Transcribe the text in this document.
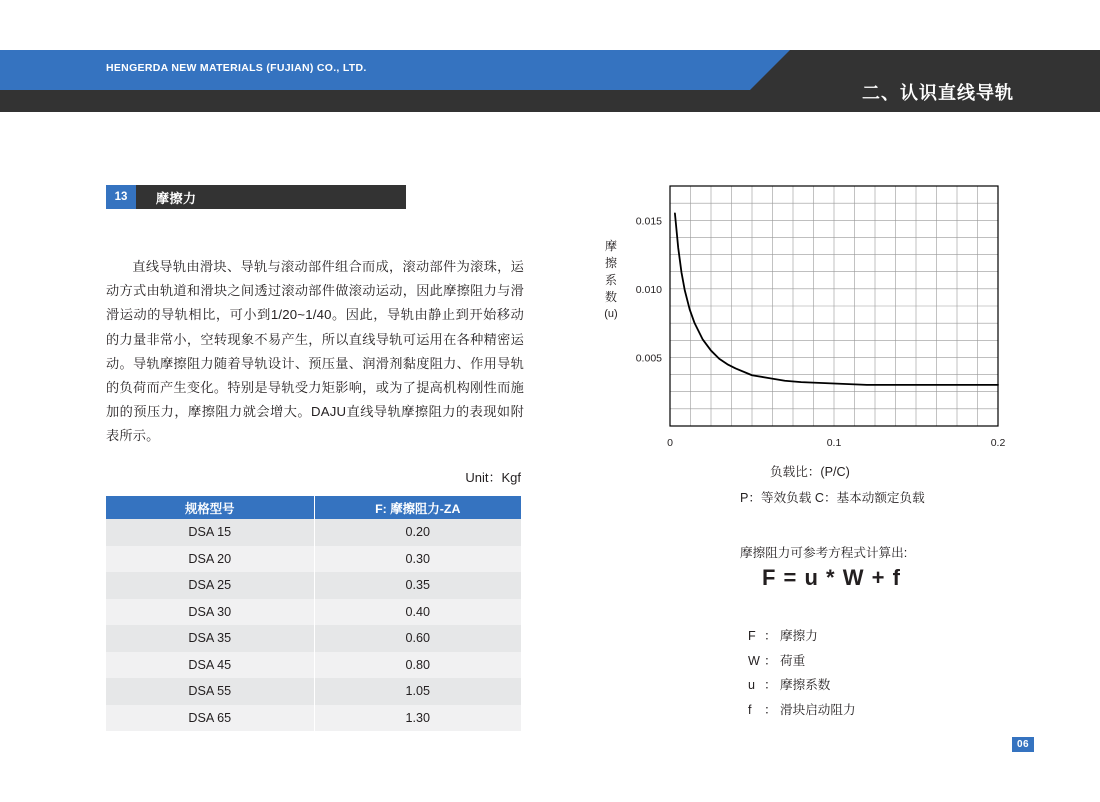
HENGERDA NEW MATERIALS (FUJIAN) CO., LTD.
二、认识直线导轨
13	摩擦力
直线导轨由滑块、导轨与滚动部件组合而成，滚动部件为滚珠，运动方式由轨道和滑块之间透过滚动部件做滚动运动，因此摩擦阻力与滑滑运动的导轨相比，可小到1/20~1/40。因此，导轨由静止到开始移动的力量非常小，空转现象不易产生，所以直线导轨可运用在各种精密运动。导轨摩擦阻力随着导轨设计、预压量、润滑剂黏度阻力、作用导轨的负荷而产生变化。特别是导轨受力矩影响，或为了提高机构刚性而施加的预压力，摩擦阻力就会增大。DAJU直线导轨摩擦阻力的表现如附表所示。
Unit：Kgf
规格型号	F: 摩擦阻力-ZA
DSA 15	0.20
DSA 20	0.30
DSA 25	0.35
DSA 30	0.40
DSA 35	0.60
DSA 45	0.80
DSA 55	1.05
DSA 65	1.30
摩
擦
系
数
(u)
0.005
0.010
0.015
0	0.1	0.2
负载比：(P/C)
P：等效负载 C：基本动额定负载
摩擦阻力可参考方程式计算出:
F = u * W + f
F ： 摩擦力
W ： 荷重
u ： 摩擦系数
f ： 滑块启动阻力
06
